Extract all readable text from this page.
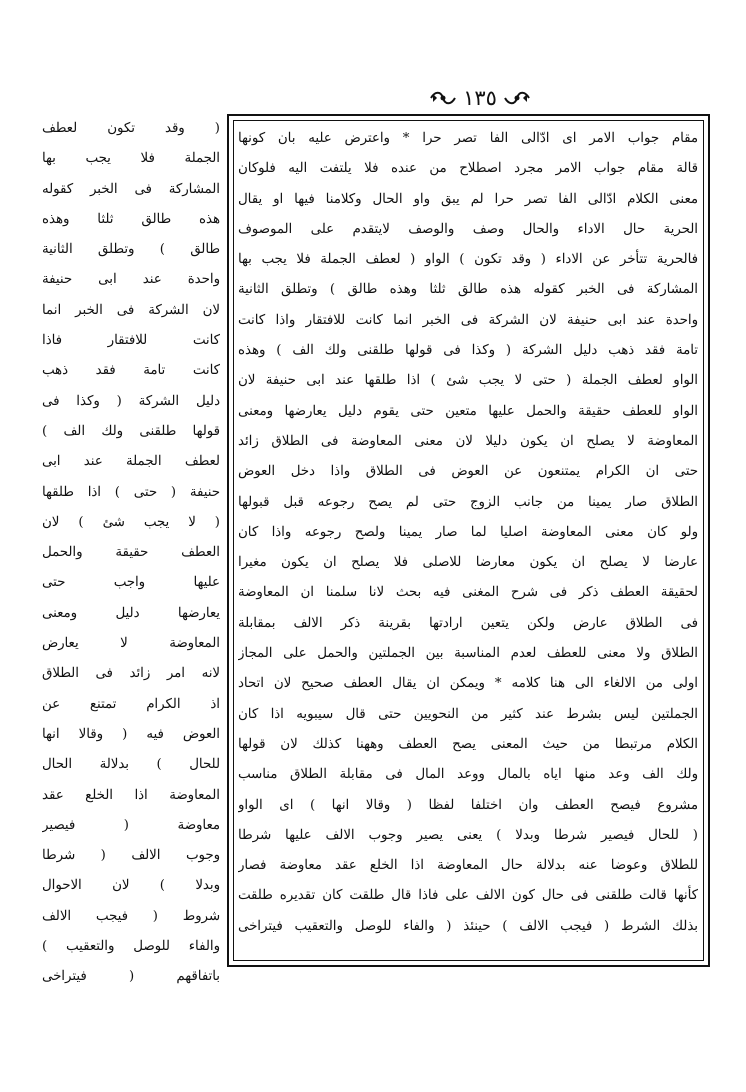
١٣٥
مقام جواب الامر اى ادّالى الفا تصر حرا * واعترض عليه بان كونها
قالة مقام جواب الامر مجرد اصطلاح من عنده فلا يلتفت اليه فلوكان
معنى الكلام ادّالى الفا تصر حرا لم يبق واو الحال وكلامنا فيها او يقال
الحرية حال الاداء والحال وصف والوصف لايتقدم على الموصوف
فالحرية تتأخر عن الاداء ( وقد تكون ) الواو ( لعطف الجملة فلا يجب بها
المشاركة فى الخبر كقوله هذه طالق ثلثا وهذه طالق ) وتطلق الثانية
واحدة عند ابى حنيفة لان الشركة فى الخبر انما كانت للافتقار واذا كانت
تامة فقد ذهب دليل الشركة ( وكذا فى قولها طلقنى ولك الف ) وهذه
الواو لعطف الجملة ( حتى لا يجب شئ ) اذا طلقها عند ابى حنيفة لان
الواو للعطف حقيقة والحمل عليها متعين حتى يقوم دليل يعارضها ومعنى
المعاوضة لا يصلح ان يكون دليلا لان معنى المعاوضة فى الطلاق زائد
حتى ان الكرام يمتنعون عن العوض فى الطلاق واذا دخل العوض
الطلاق صار يمينا من جانب الزوج حتى لم يصح رجوعه قبل قبولها
ولو كان معنى المعاوضة اصليا لما صار يمينا ولصح رجوعه واذا كان
عارضا لا يصلح ان يكون معارضا للاصلى فلا يصلح ان يكون مغيرا
لحقيقة العطف ذكر فى شرح المغنى فيه بحث لانا سلمنا ان المعاوضة
فى الطلاق عارض ولكن يتعين ارادتها بقرينة ذكر الالف بمقابلة
الطلاق ولا معنى للعطف لعدم المناسبة بين الجملتين والحمل على المجاز
اولى من الالغاء الى هنا كلامه * ويمكن ان يقال العطف صحيح لان اتحاد
الجملتين ليس بشرط عند كثير من النحويين حتى قال سيبويه اذا كان
الكلام مرتبطا من حيث المعنى يصح العطف وههنا كذلك لان قولها
ولك الف وعد منها اياه بالمال ووعد المال فى مقابلة الطلاق مناسب
مشروع فيصح العطف وان اختلفا لفظا ( وقالا انها ) اى الواو
( للحال فيصير شرطا وبدلا ) يعنى يصير وجوب الالف عليها شرطا
للطلاق وعوضا عنه بدلالة حال المعاوضة اذا الخلع عقد معاوضة فصار
كأنها قالت طلقنى فى حال كون الالف على فاذا قال طلقت كان تقديره طلقت
بذلك الشرط ( فيجب الالف ) حينئذ ( والفاء للوصل والتعقيب فيتراخى
( وقد تكون لعطف
الجملة فلا يجب بها
المشاركة فى الخبر كقوله
هذه طالق ثلثا وهذه
طالق ) وتطلق الثانية
واحدة عند ابى حنيفة
لان الشركة فى الخبر انما
كانت للافتقار فاذا
كانت تامة فقد ذهب
دليل الشركة ( وكذا فى
قولها طلقنى ولك الف )
لعطف الجملة عند ابى
حنيفة ( حتى ) اذا طلقها
( لا يجب شئ ) لان
العطف حقيقة والحمل
عليها واجب حتى
يعارضها دليل ومعنى
المعاوضة لا يعارض
لانه امر زائد فى الطلاق
اذ الكرام تمتنع عن
العوض فيه ( وقالا انها
للحال ) بدلالة الحال
المعاوضة اذا الخلع عقد
معاوضة ( فيصير
وجوب الالف ( شرطا
وبدلا ) لان الاحوال
شروط ( فيجب الالف
والفاء للوصل والتعقيب )
باتفاقهم ( فيتراخى
